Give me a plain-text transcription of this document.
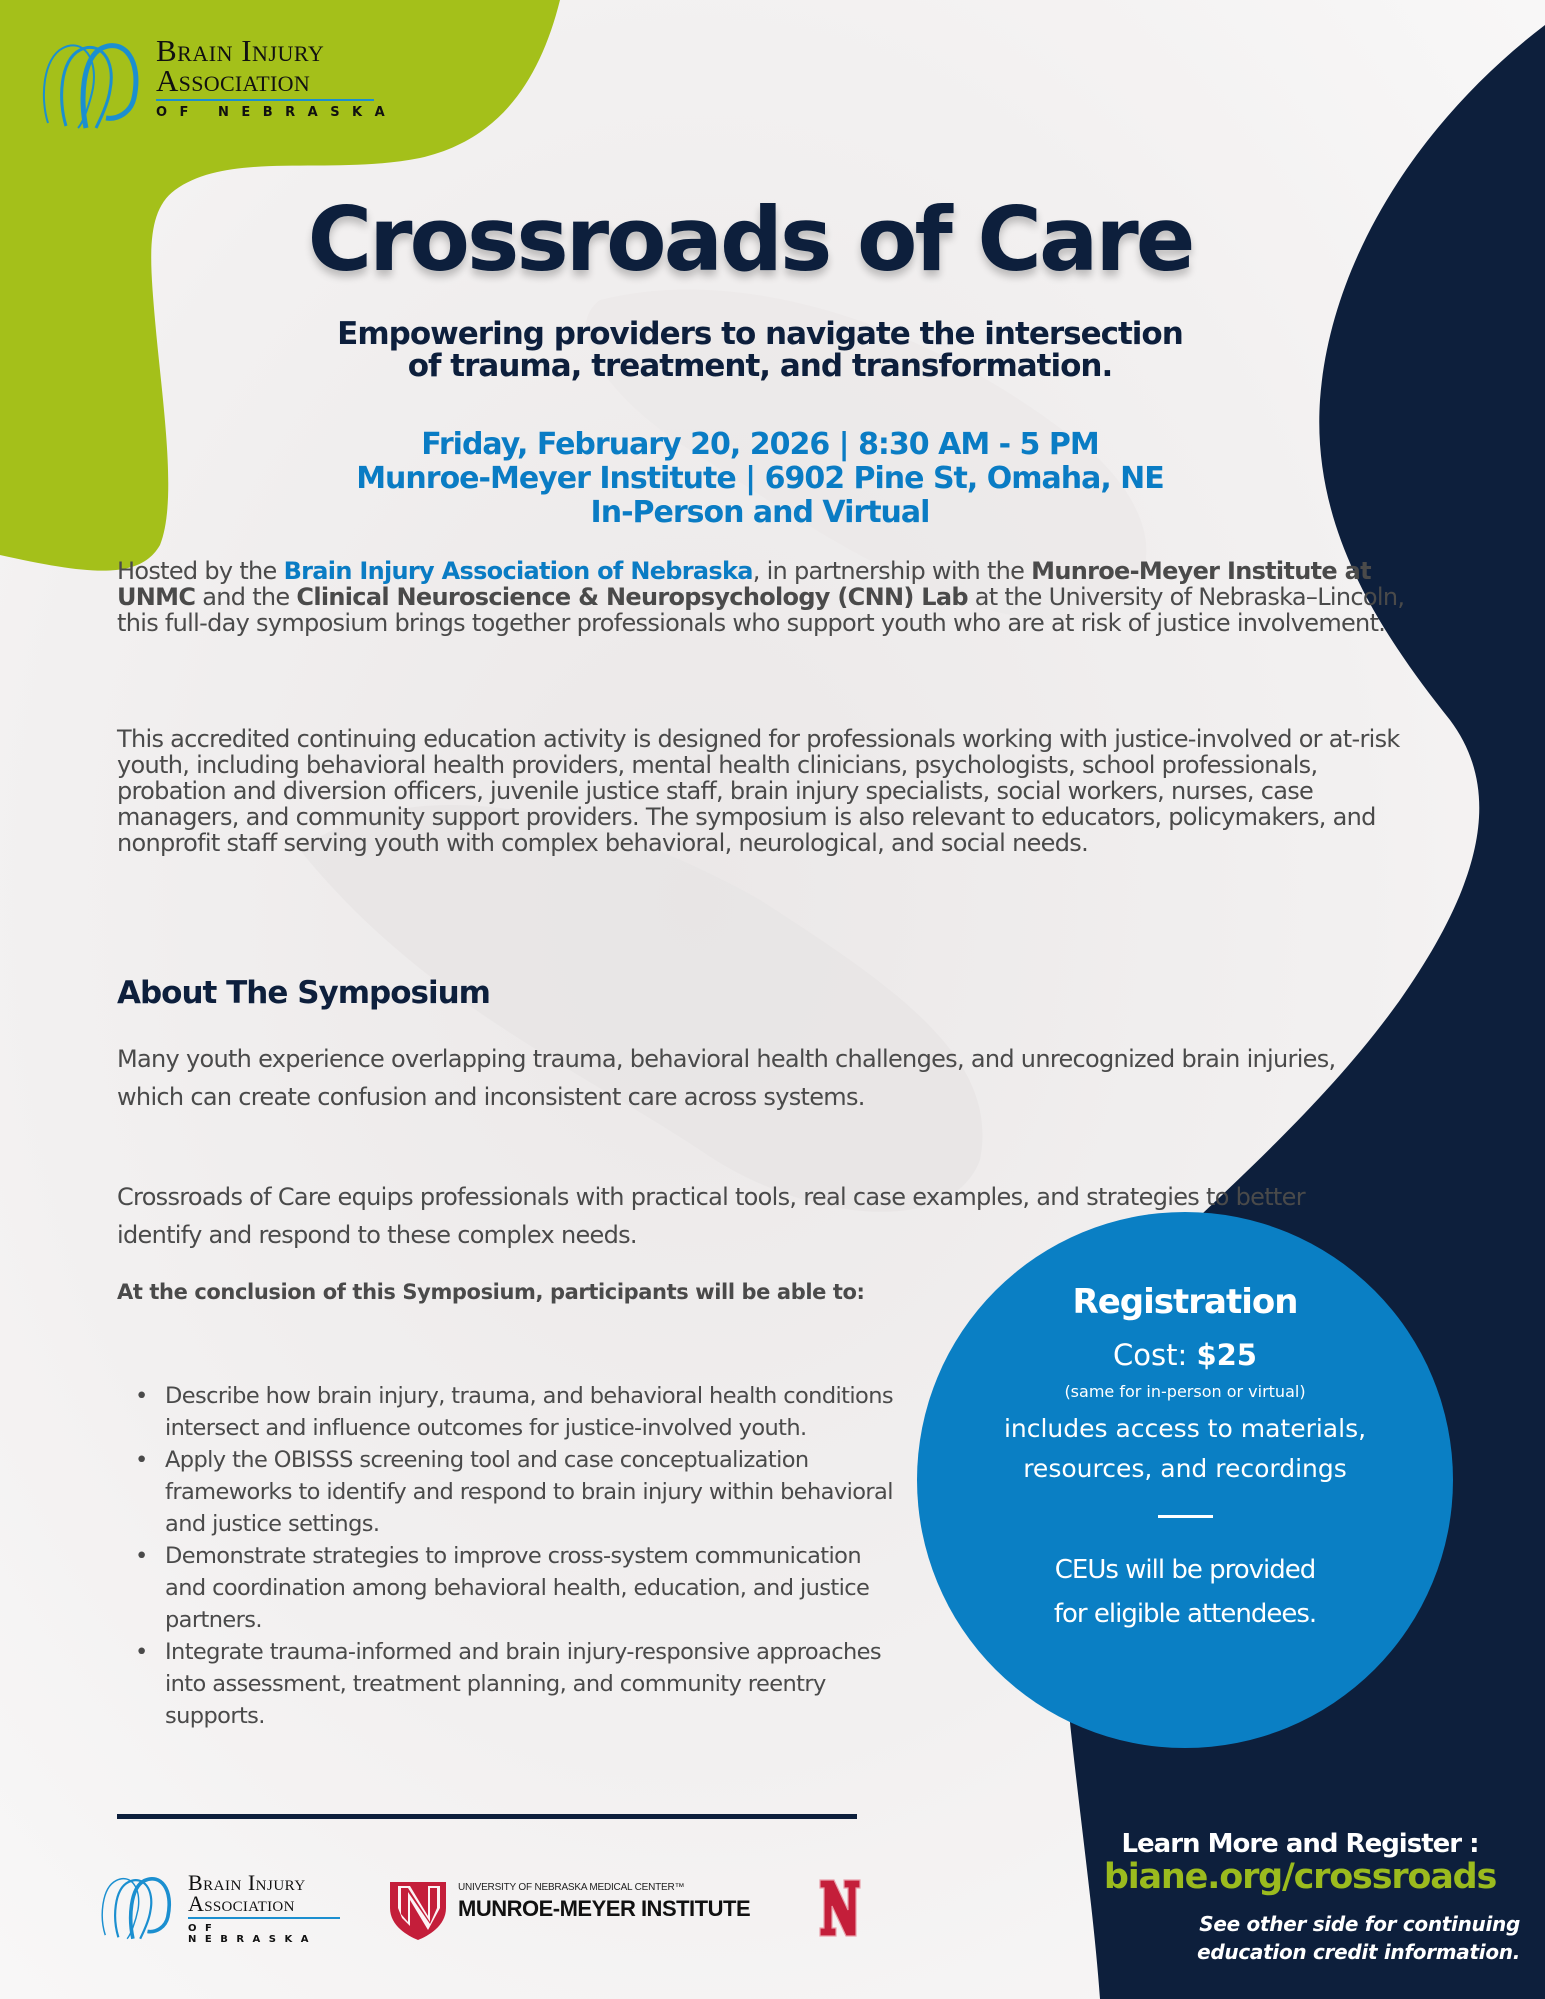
Brain Injury
Association
OF NEBRASKA
Crossroads of Care
Empowering providers to navigate the intersection
of trauma, treatment, and transformation.
Friday, February 20, 2026 | 8:30 AM - 5 PM
Munroe-Meyer Institute | 6902 Pine St, Omaha, NE
In-Person and Virtual
Hosted by the Brain Injury Association of Nebraska, in partnership with the Munroe-Meyer Institute at UNMC and the Clinical Neuroscience & Neuropsychology (CNN) Lab at the University of Nebraska–Lincoln, this full-day symposium brings together professionals who support youth who are at risk of justice involvement.
This accredited continuing education activity is designed for professionals working with justice-involved or at-risk youth, including behavioral health providers, mental health clinicians, psychologists, school professionals, probation and diversion officers, juvenile justice staff, brain injury specialists, social workers, nurses, case managers, and community support providers. The symposium is also relevant to educators, policymakers, and nonprofit staff serving youth with complex behavioral, neurological, and social needs.
About The Symposium
Many youth experience overlapping trauma, behavioral health challenges, and unrecognized brain injuries, which can create confusion and inconsistent care across systems.
Crossroads of Care equips professionals with practical tools, real case examples, and strategies to better identify and respond to these complex needs.
At the conclusion of this Symposium, participants will be able to:
• Describe how brain injury, trauma, and behavioral health conditions intersect and influence outcomes for justice-involved youth.
• Apply the OBISSS screening tool and case conceptualization frameworks to identify and respond to brain injury within behavioral and justice settings.
• Demonstrate strategies to improve cross-system communication and coordination among behavioral health, education, and justice partners.
• Integrate trauma-informed and brain injury-responsive approaches into assessment, treatment planning, and community reentry supports.
Registration
Cost: $25
(same for in-person or virtual)
includes access to materials,
resources, and recordings
CEUs will be provided
for eligible attendees.
Learn More and Register :
biane.org/crossroads
See other side for continuing
education credit information.
Brain Injury
Association
OF NEBRASKA
UNIVERSITY OF NEBRASKA MEDICAL CENTER™
MUNROE-MEYER INSTITUTE
